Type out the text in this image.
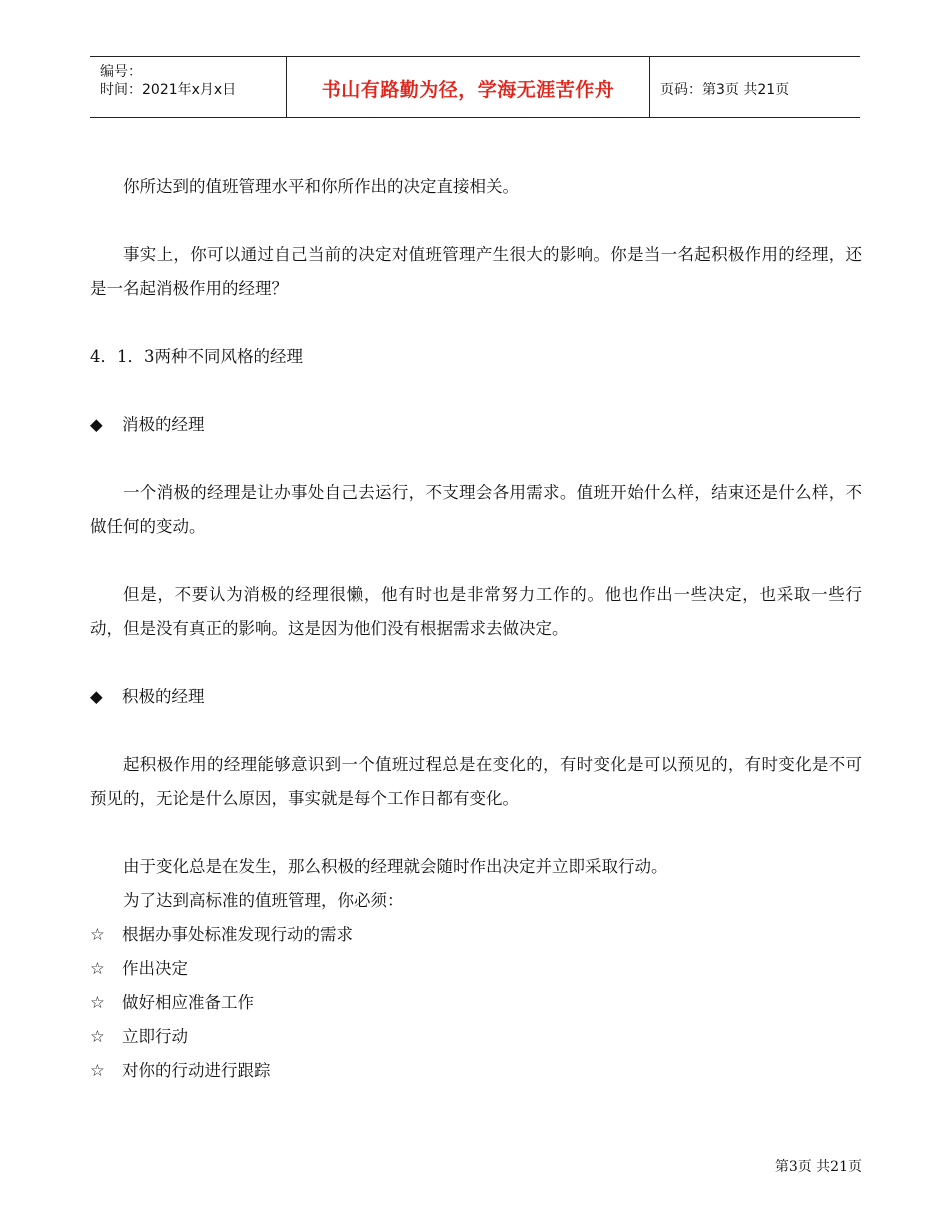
编号：
时间：2021年x月x日	书山有路勤为径，学海无涯苦作舟	页码：第3页 共21页

你所达到的值班管理水平和你所作出的决定直接相关。

事实上，你可以通过自己当前的决定对值班管理产生很大的影响。你是当一名起积极作用的经理，还是一名起消极作用的经理？

4．1．3两种不同风格的经理

◆ 消极的经理

一个消极的经理是让办事处自己去运行，不支理会各用需求。值班开始什么样，结束还是什么样，不做任何的变动。

但是，不要认为消极的经理很懒，他有时也是非常努力工作的。他也作出一些决定，也采取一些行动，但是没有真正的影响。这是因为他们没有根据需求去做决定。

◆ 积极的经理

起积极作用的经理能够意识到一个值班过程总是在变化的，有时变化是可以预见的，有时变化是不可预见的，无论是什么原因，事实就是每个工作日都有变化。

由于变化总是在发生，那么积极的经理就会随时作出决定并立即采取行动。

为了达到高标准的值班管理，你必须：

☆ 根据办事处标准发现行动的需求

☆ 作出决定

☆ 做好相应准备工作

☆ 立即行动

☆ 对你的行动进行跟踪

第3页 共21页
